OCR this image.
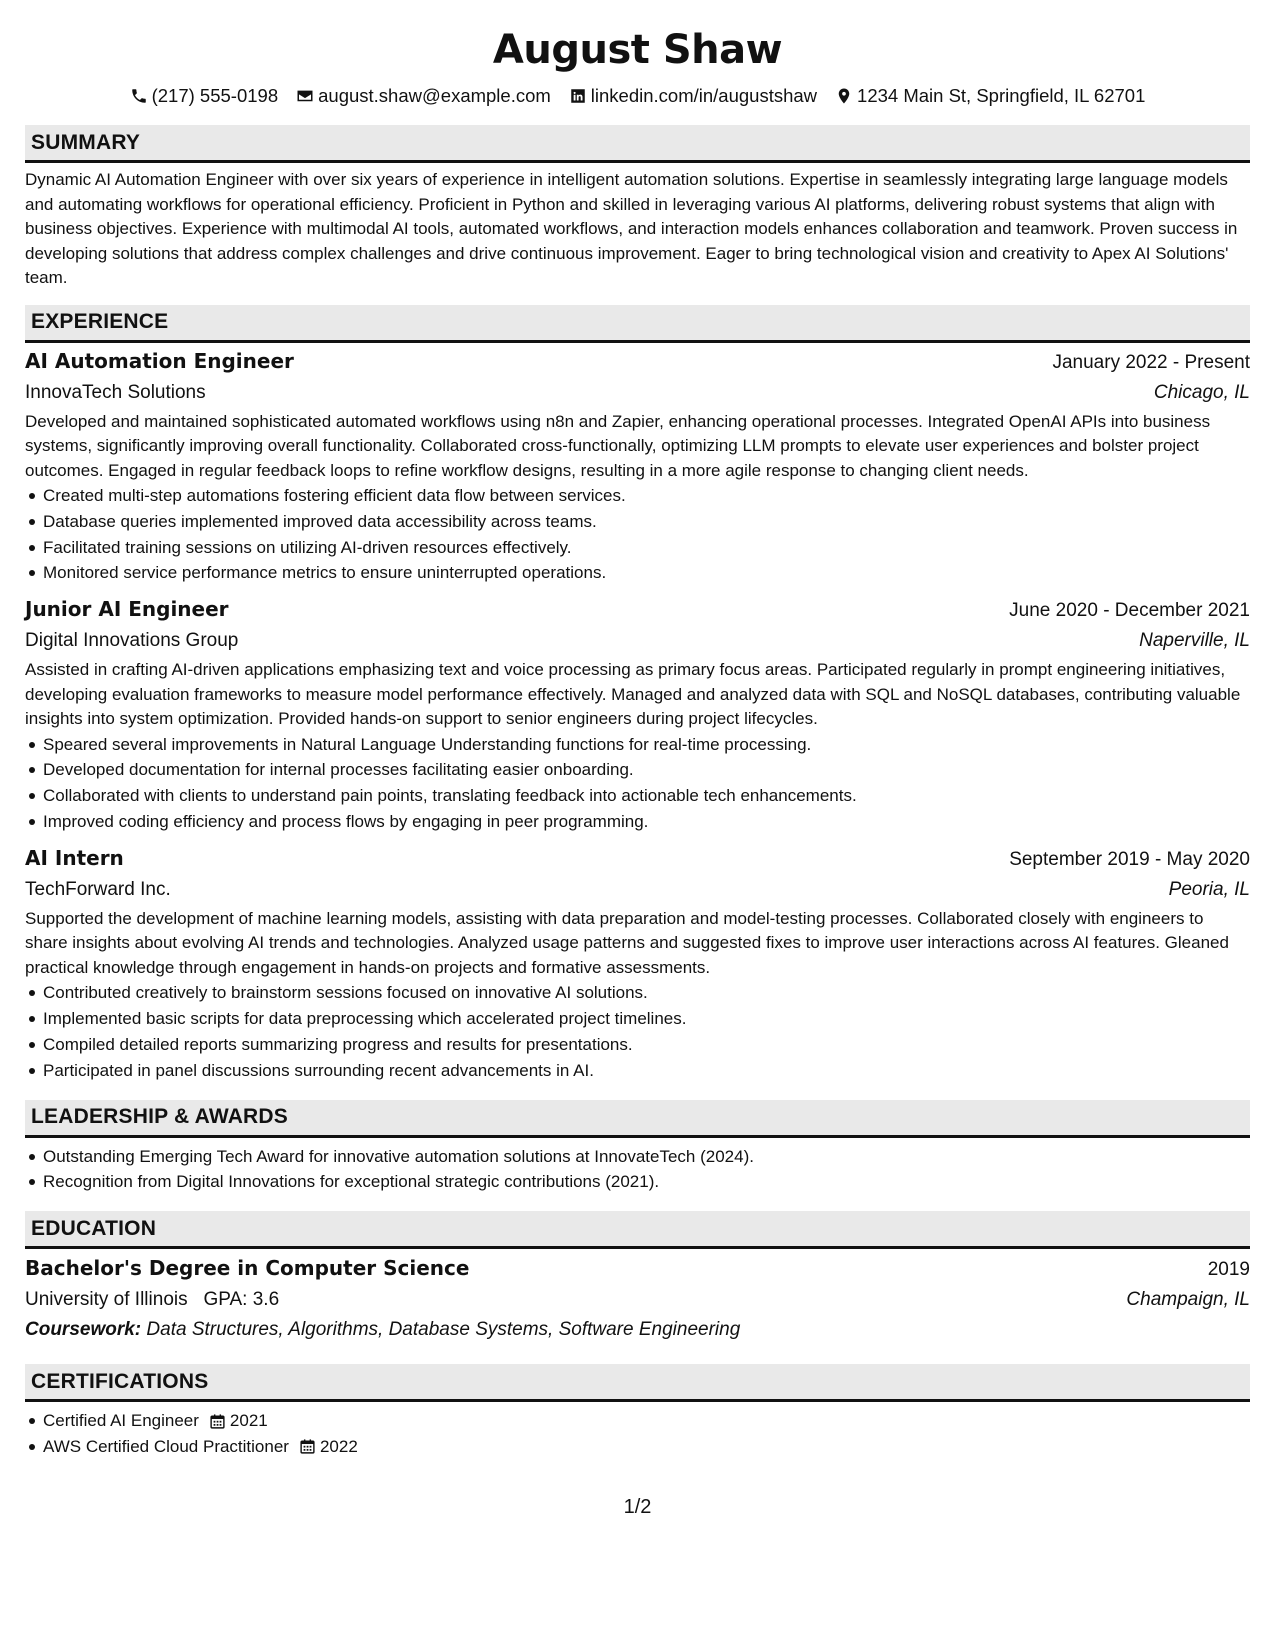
August Shaw
(217) 555-0198 august.shaw@example.com linkedin.com/in/augustshaw 1234 Main St, Springfield, IL 62701
SUMMARY

Dynamic AI Automation Engineer with over six years of experience in intelligent automation solutions. Expertise in seamlessly integrating large language models and automating workflows for operational efficiency. Proficient in Python and skilled in leveraging various AI platforms, delivering robust systems that align with business objectives. Experience with multimodal AI tools, automated workflows, and interaction models enhances collaboration and teamwork. Proven success in developing solutions that address complex challenges and drive continuous improvement. Eager to bring technological vision and creativity to Apex AI Solutions' team.

EXPERIENCE
AI Automation Engineer	January 2022 - Present
InnovaTech Solutions	Chicago, IL

Developed and maintained sophisticated automated workflows using n8n and Zapier, enhancing operational processes. Integrated OpenAI APIs into business systems, significantly improving overall functionality. Collaborated cross-functionally, optimizing LLM prompts to elevate user experiences and bolster project outcomes. Engaged in regular feedback loops to refine workflow designs, resulting in a more agile response to changing client needs.

Created multi-step automations fostering efficient data flow between services.
Database queries implemented improved data accessibility across teams.
Facilitated training sessions on utilizing AI-driven resources effectively.
Monitored service performance metrics to ensure uninterrupted operations.
Junior AI Engineer	June 2020 - December 2021
Digital Innovations Group	Naperville, IL

Assisted in crafting AI-driven applications emphasizing text and voice processing as primary focus areas. Participated regularly in prompt engineering initiatives, developing evaluation frameworks to measure model performance effectively. Managed and analyzed data with SQL and NoSQL databases, contributing valuable insights into system optimization. Provided hands-on support to senior engineers during project lifecycles.

Speared several improvements in Natural Language Understanding functions for real-time processing.
Developed documentation for internal processes facilitating easier onboarding.
Collaborated with clients to understand pain points, translating feedback into actionable tech enhancements.
Improved coding efficiency and process flows by engaging in peer programming.
AI Intern	September 2019 - May 2020
TechForward Inc.	Peoria, IL

Supported the development of machine learning models, assisting with data preparation and model-testing processes. Collaborated closely with engineers to share insights about evolving AI trends and technologies. Analyzed usage patterns and suggested fixes to improve user interactions across AI features. Gleaned practical knowledge through engagement in hands-on projects and formative assessments.

Contributed creatively to brainstorm sessions focused on innovative AI solutions.
Implemented basic scripts for data preprocessing which accelerated project timelines.
Compiled detailed reports summarizing progress and results for presentations.
Participated in panel discussions surrounding recent advancements in AI.
LEADERSHIP & AWARDS
Outstanding Emerging Tech Award for innovative automation solutions at InnovateTech (2024).
Recognition from Digital Innovations for exceptional strategic contributions (2021).
EDUCATION
Bachelor's Degree in Computer Science	2019
University of Illinois GPA: 3.6	Champaign, IL
Coursework: Data Structures, Algorithms, Database Systems, Software Engineering
CERTIFICATIONS
Certified AI Engineer 2021
AWS Certified Cloud Practitioner 2022
1/2
